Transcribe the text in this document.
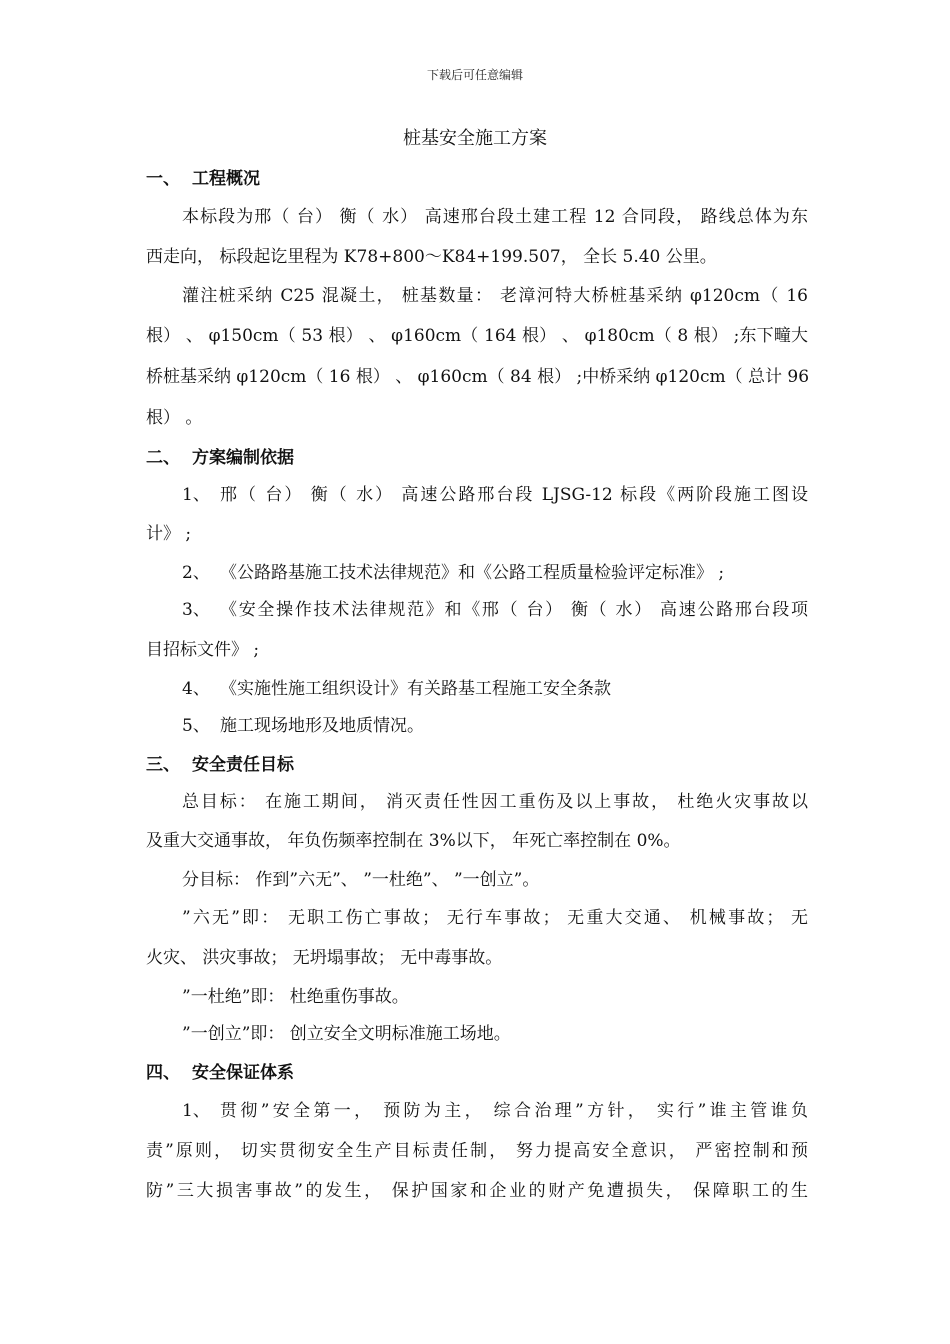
下载后可任意编辑
桩基安全施工方案
一、 工程概况
本标段为邢（ 台） 衡（ 水） 高速邢台段土建工程 12 合同段， 路线总体为东
西走向， 标段起讫里程为 K78+800～K84+199.507， 全长 5.40 公里。
灌注桩采纳 C25 混凝土， 桩基数量： 老漳河特大桥桩基采纳 φ120cm（ 16
根） 、 φ150cm（ 53 根） 、 φ160cm（ 164 根） 、 φ180cm（ 8 根） ;东下疃大
桥桩基采纳 φ120cm（ 16 根） 、 φ160cm（ 84 根） ;中桥采纳 φ120cm（ 总计 96
根） 。
二、 方案编制依据
1、 邢（ 台） 衡（ 水） 高速公路邢台段 LJSG-12 标段《两阶段施工图设
计》 ;
2、 《公路路基施工技术法律规范》和《公路工程质量检验评定标准》 ;
3、 《安全操作技术法律规范》和《邢（ 台） 衡（ 水） 高速公路邢台段项
目招标文件》 ;
4、 《实施性施工组织设计》有关路基工程施工安全条款
5、 施工现场地形及地质情况。
三、 安全责任目标
总目标： 在施工期间， 消灭责任性因工重伤及以上事故， 杜绝火灾事故以
及重大交通事故， 年负伤频率控制在 3%以下， 年死亡率控制在 0%。
分目标： 作到”六无”、 ”一杜绝”、 ”一创立”。
”六无”即： 无职工伤亡事故； 无行车事故； 无重大交通、 机械事故； 无
火灾、 洪灾事故； 无坍塌事故； 无中毒事故。
”一杜绝”即： 杜绝重伤事故。
”一创立”即： 创立安全文明标准施工场地。
四、 安全保证体系
1、 贯彻”安全第一， 预防为主， 综合治理”方针， 实行”谁主管谁负
责”原则， 切实贯彻安全生产目标责任制， 努力提高安全意识， 严密控制和预
防”三大损害事故”的发生， 保护国家和企业的财产免遭损失， 保障职工的生
